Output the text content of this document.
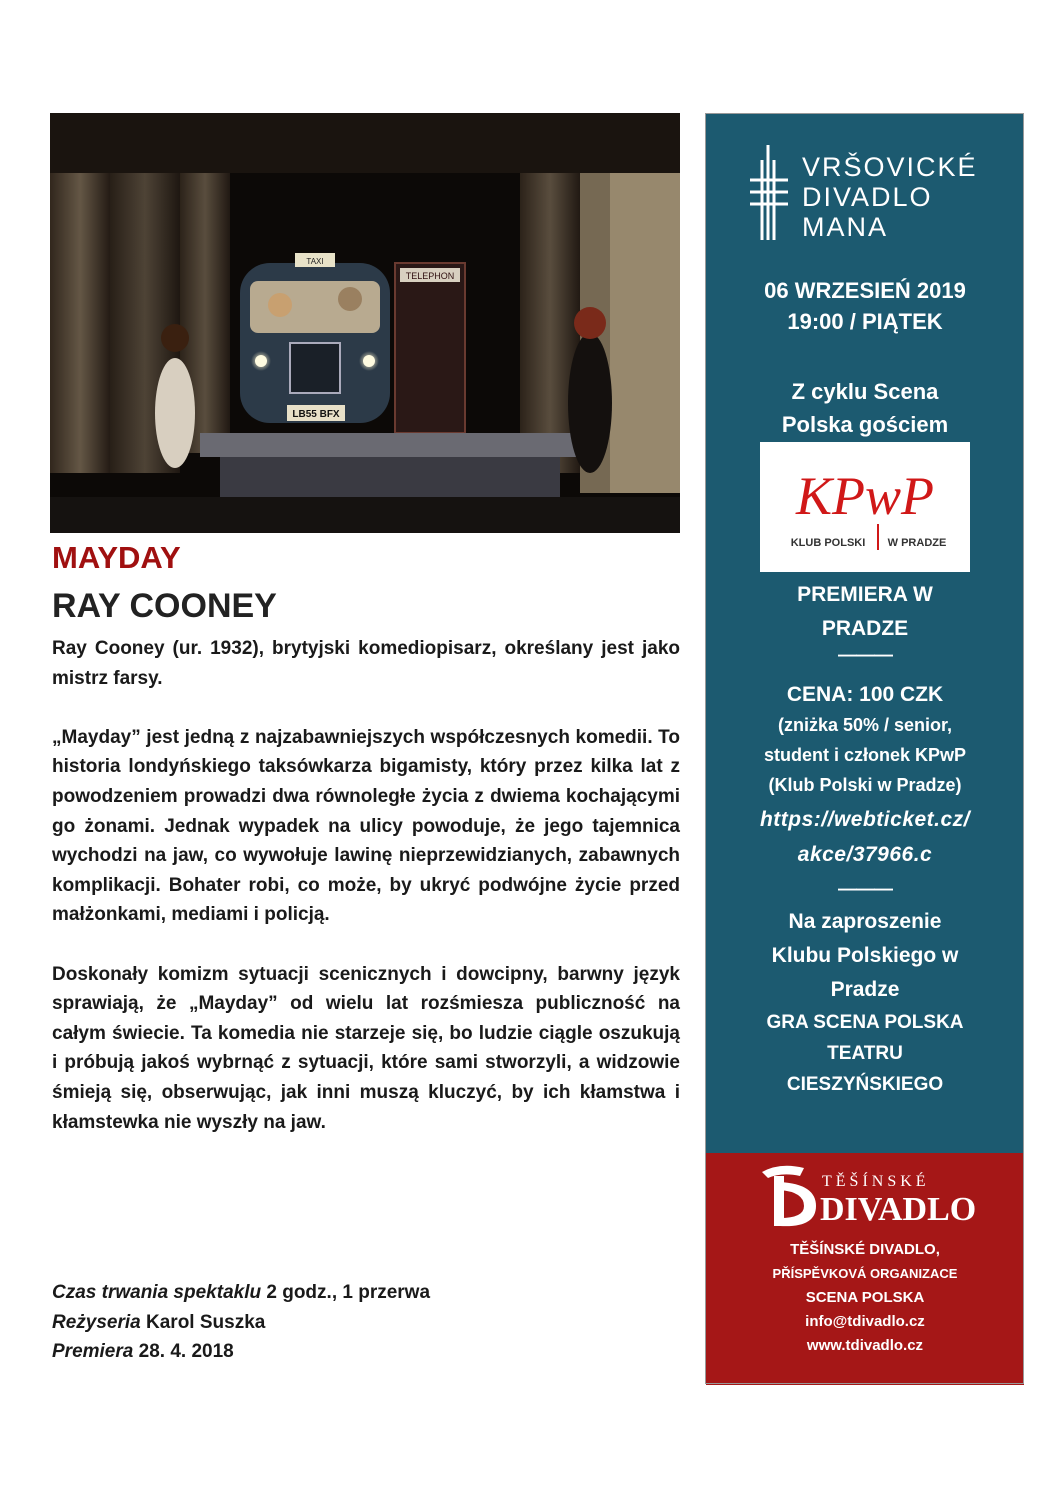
TELEPHON
TAXI
LB55 BFX
MAYDAY
RAY COONEY

Ray Cooney (ur. 1932), brytyjski komediopisarz, określany jest jako mistrz farsy.

„Mayday” jest jedną z najzabawniejszych współczesnych komedii. To historia londyńskiego taksówkarza bigamisty, który przez kilka lat z powodzeniem prowadzi dwa równoległe życia z dwiema kochającymi go żonami. Jednak wypadek na ulicy powoduje, że jego tajemnica wychodzi na jaw, co wywołuje lawinę nieprzewidzianych, zabawnych komplikacji. Bohater robi, co może, by ukryć podwójne życie przed małżonkami, mediami i policją.

Doskonały komizm sytuacji scenicznych i dowcipny, barwny język sprawiają, że „Mayday” od wielu lat rozśmiesza publiczność na całym świecie. Ta komedia nie starzeje się, bo ludzie ciągle oszukują i próbują jakoś wybrnąć z sytuacji, które sami stworzyli, a widzowie śmieją się, obserwując, jak inni muszą kluczyć, by ich kłamstwa i kłamstewka nie wyszły na jaw.

Czas trwania spektaklu 2 godz., 1 przerwa
Reżyseria Karol Suszka
Premiera 28. 4. 2018
VRŠOVICKÉ
DIVADLO
MANA
06 WRZESIEŃ 2019
19:00 / PIĄTEK
Z cyklu Scena
Polska gościem
KPwP
KLUB POLSKI W PRADZE
PREMIERA W
PRADZE
———
CENA: 100 CZK
(zniżka 50% / senior,
student i członek KPwP
(Klub Polski w Pradze)
https://webticket.cz/
akce/37966.c
———
Na zaproszenie
Klubu Polskiego w
Pradze
GRA SCENA POLSKA
TEATRU
CIESZYŃSKIEGO
TĚŠÍNSKÉ
DIVADLO
TĚŠÍNSKÉ DIVADLO,
PŘÍSPĚVKOVÁ ORGANIZACE
SCENA POLSKA
info@tdivadlo.cz
www.tdivadlo.cz
